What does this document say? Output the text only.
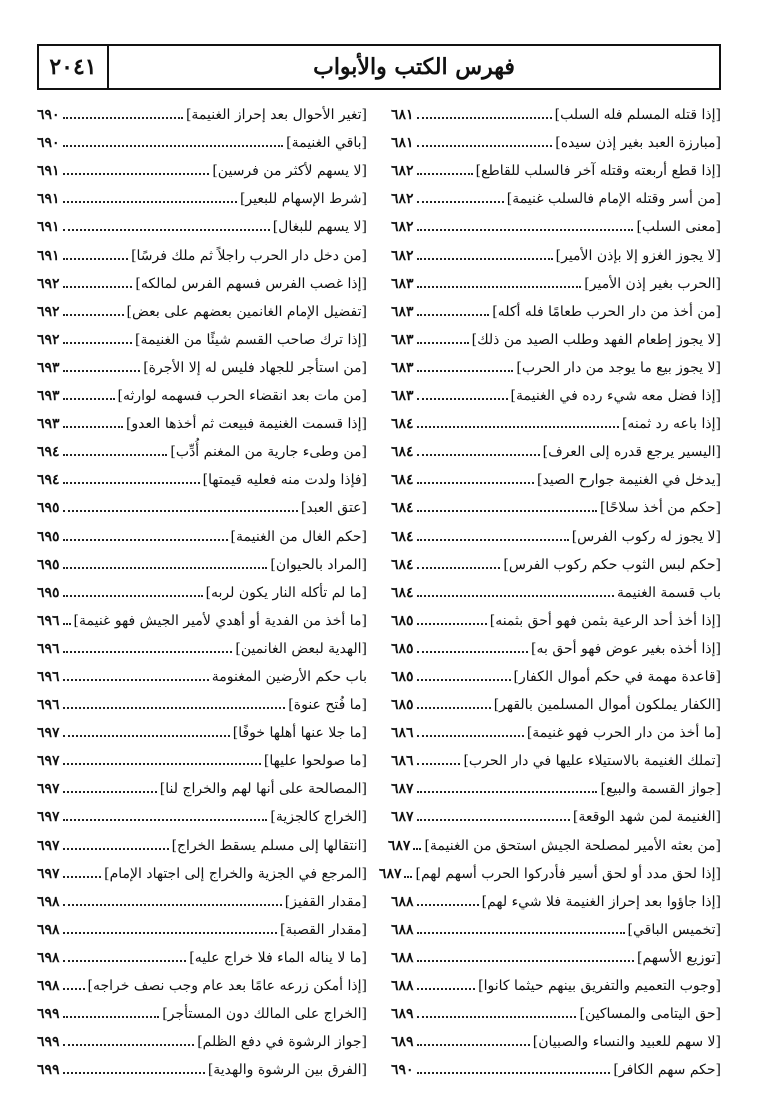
٢٠٤١	فهرس الكتب والأبواب
[إذا قتله المسلم فله السلب]
٦٨١
[مبارزة العبد بغير إذن سيده]
٦٨١
[إذا قطع أربعته وقتله آخر فالسلب للقاطع]
٦٨٢
[من أسر وقتله الإمام فالسلب غنيمة]
٦٨٢
[معنى السلب]
٦٨٢
[لا يجوز الغزو إلا بإذن الأمير]
٦٨٢
[الحرب بغير إذن الأمير]
٦٨٣
[من أخذ من دار الحرب طعامًا فله أكله]
٦٨٣
[لا يجوز إطعام الفهد وطلب الصيد من ذلك]
٦٨٣
[لا يجوز بيع ما يوجد من دار الحرب]
٦٨٣
[إذا فضل معه شيء رده في الغنيمة]
٦٨٣
[إذا باعه رد ثمنه]
٦٨٤
[اليسير يرجع قدره إلى العرف]
٦٨٤
[يدخل في الغنيمة جوارح الصيد]
٦٨٤
[حكم من أخذ سلاحًا]
٦٨٤
[لا يجوز له ركوب الفرس]
٦٨٤
[حكم لبس الثوب حكم ركوب الفرس]
٦٨٤
باب قسمة الغنيمة
٦٨٤
[إذا أخذ أحد الرعية بثمن فهو أحق بثمنه]
٦٨٥
[إذا أخذه بغير عوض فهو أحق به]
٦٨٥
[قاعدة مهمة في حكم أموال الكفار]
٦٨٥
[الكفار يملكون أموال المسلمين بالقهر]
٦٨٥
[ما أخذ من دار الحرب فهو غنيمة]
٦٨٦
[تملك الغنيمة بالاستيلاء عليها في دار الحرب]
٦٨٦
[جواز القسمة والبيع]
٦٨٧
[الغنيمة لمن شهد الوقعة]
٦٨٧
[من بعثه الأمير لمصلحة الجيش استحق من الغنيمة]
٦٨٧
[إذا لحق مدد أو لحق أسير فأدركوا الحرب أسهم لهم]
٦٨٧
[إذا جاؤوا بعد إحراز الغنيمة فلا شيء لهم]
٦٨٨
[تخميس الباقي]
٦٨٨
[توزيع الأسهم]
٦٨٨
[وجوب التعميم والتفريق بينهم حيثما كانوا]
٦٨٨
[حق اليتامى والمساكين]
٦٨٩
[لا سهم للعبيد والنساء والصبيان]
٦٨٩
[حكم سهم الكافر]
٦٩٠
[تغير الأحوال بعد إحراز الغنيمة]
٦٩٠
[باقي الغنيمة]
٦٩٠
[لا يسهم لأكثر من فرسين]
٦٩١
[شرط الإسهام للبعير]
٦٩١
[لا يسهم للبغال]
٦٩١
[من دخل دار الحرب راجلاً ثم ملك فرسًا]
٦٩١
[إذا غصب الفرس فسهم الفرس لمالكه]
٦٩٢
[تفضيل الإمام الغانمين بعضهم على بعض]
٦٩٢
[إذا ترك صاحب القسم شيئًا من الغنيمة]
٦٩٢
[من استأجر للجهاد فليس له إلا الأجرة]
٦٩٣
[من مات بعد انقضاء الحرب فسهمه لوارثه]
٦٩٣
[إذا قسمت الغنيمة فبيعت ثم أخذها العدو]
٦٩٣
[من وطىء جارية من المغنم أُدِّب]
٦٩٤
[فإذا ولدت منه فعليه قيمتها]
٦٩٤
[عتق العبد]
٦٩٥
[حكم الغال من الغنيمة]
٦٩٥
[المراد بالحيوان]
٦٩٥
[ما لم تأكله النار يكون لربه]
٦٩٥
[ما أخذ من الفدية أو أهدي لأمير الجيش فهو غنيمة]
٦٩٦
[الهدية لبعض الغانمين]
٦٩٦
باب حكم الأرضين المغنومة
٦٩٦
[ما فُتح عنوة]
٦٩٦
[ما جلا عنها أهلها خوفًا]
٦٩٧
[ما صولحوا عليها]
٦٩٧
[المصالحة على أنها لهم والخراج لنا]
٦٩٧
[الخراج كالجزية]
٦٩٧
[انتقالها إلى مسلم يسقط الخراج]
٦٩٧
[المرجع في الجزية والخراج إلى اجتهاد الإمام]
٦٩٧
[مقدار القفيز]
٦٩٨
[مقدار القصبة]
٦٩٨
[ما لا يناله الماء فلا خراج عليه]
٦٩٨
[إذا أمكن زرعه عامًا بعد عام وجب نصف خراجه]
٦٩٨
[الخراج على المالك دون المستأجر]
٦٩٩
[جواز الرشوة في دفع الظلم]
٦٩٩
[الفرق بين الرشوة والهدية]
٦٩٩
